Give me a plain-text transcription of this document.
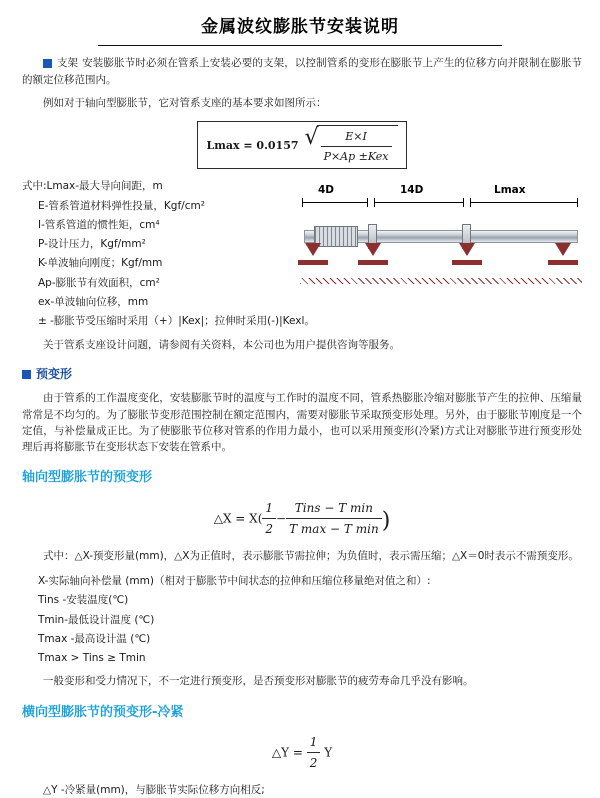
金属波纹膨胀节安装说明

支架 安装膨胀节时必须在管系上安装必要的支架，以控制管系的变形在膨胀节上产生的位移方向并限制在膨胀节的额定位移范围内。

例如对于轴向型膨胀节，它对管系支座的基本要求如图所示：

Lmax = 0.0157 √ $\frac{E\times I}{\text{P×Ap ±Kex}}$
4D	14D	Lmax
式中:Lmax-最大导向间距，m
E-管系管道材料弹性投量，Kgf/cm²
I-管系管道的惯性矩，cm⁴
P-设计压力，Kgf/mm²
K-单波轴向刚度；Kgf/mm
Ap-膨胀节有效面积，cm²
ex-单波轴向位移，mm
± -膨胀节受压缩时采用（+）|Kex|；拉伸时采用(-)|Kexl。

关于管系支座设计问题，请参阅有关资料，本公司也为用户提供咨询等服务。

预变形

由于管系的工作温度变化，安装膨胀节时的温度与工作时的温度不同，管系热膨胀冷缩对膨胀节产生的拉伸、压缩量常常是不均匀的。为了膨胀节变形范围控制在额定范围内，需要对膨胀节采取预变形处理。另外，由于膨胀节刚度是一个定值，与补偿量成正比。为了使膨胀节位移对管系的作用力最小，也可以采用预变形(冷紧)方式让对膨胀节进行预变形处理后再将膨胀节在变形状态下安装在管系中。

轴向型膨胀节的预变形
△X = $X( \frac{1}{2} - \frac{\text{Tins − T min}}{\text{T max − T min}}$ )

式中：△X-预变形量(mm)，△X为正值时，表示膨胀节需拉伸；为负值时，表示需压缩；△X＝0时表示不需预变形。

X-实际轴向补偿量 (mm)（相对于膨胀节中间状态的拉伸和压缩位移量绝对值之和）:
Tins -安装温度(℃)
Tmin-最低设计温度 (℃)
Tmax -最高设计温 (℃)
Tmax > Tins ≥ Tmin

一般变形和受力情况下，不一定进行预变形，是否预变形对膨胀节的疲劳寿命几乎没有影响。

横向型膨胀节的预变形-冷紧
△Y = $\frac{1}{2}$ Y

△Y -冷紧量(mm)，与膨胀节实际位移方向相反;
